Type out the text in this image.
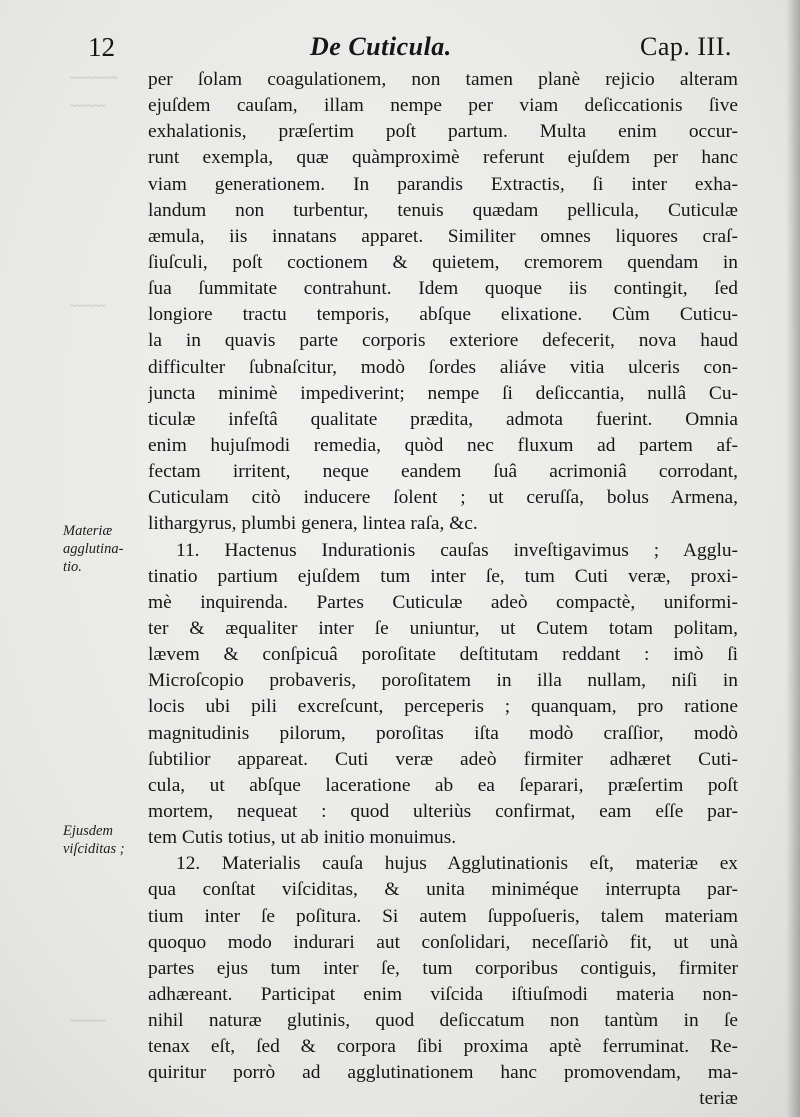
~~~~~~~~
~~~~~~
~~~~~~
~~~~~~
12	De Cuticula.	Cap. III.
Materiæ
agglutina-
tio.
Ejusdem
viſciditas ;
per ſolam coagulationem, non tamen planè rejicio alteram
ejuſdem cauſam, illam nempe per viam deſiccationis ſive
exhalationis, præſertim poſt partum. Multa enim occur-
runt exempla, quæ quàmproximè referunt ejuſdem per hanc
viam generationem. In parandis Extractis, ſi inter exha-
landum non turbentur, tenuis quædam pellicula, Cuticulæ
æmula, iis innatans apparet. Similiter omnes liquores craſ-
ſiuſculi, poſt coctionem & quietem, cremorem quendam in
ſua ſummitate contrahunt. Idem quoque iis contingit, ſed
longiore tractu temporis, abſque elixatione. Cùm Cuticu-
la in quavis parte corporis exteriore defecerit, nova haud
difficulter ſubnaſcitur, modò ſordes aliáve vitia ulceris con-
juncta minimè impediverint; nempe ſi deſiccantia, nullâ Cu-
ticulæ infeſtâ qualitate prædita, admota fuerint. Omnia
enim hujuſmodi remedia, quòd nec fluxum ad partem af-
fectam irritent, neque eandem ſuâ acrimoniâ corrodant,
Cuticulam citò inducere ſolent ; ut ceruſſa, bolus Armena,
lithargyrus, plumbi genera, lintea raſa, &c.
11. Hactenus Indurationis cauſas inveſtigavimus ; Agglu-
tinatio partium ejuſdem tum inter ſe, tum Cuti veræ, proxi-
mè inquirenda. Partes Cuticulæ adeò compactè, uniformi-
ter & æqualiter inter ſe uniuntur, ut Cutem totam politam,
lævem & conſpicuâ poroſitate deſtitutam reddant : imò ſi
Microſcopio probaveris, poroſitatem in illa nullam, niſi in
locis ubi pili excreſcunt, perceperis ; quanquam, pro ratione
magnitudinis pilorum, poroſitas iſta modò craſſior, modò
ſubtilior appareat. Cuti veræ adeò firmiter adhæret Cuti-
cula, ut abſque laceratione ab ea ſeparari, præſertim poſt
mortem, nequeat : quod ulteriùs confirmat, eam eſſe par-
tem Cutis totius, ut ab initio monuimus.
12. Materialis cauſa hujus Agglutinationis eſt, materiæ ex
qua conſtat viſciditas, & unita miniméque interrupta par-
tium inter ſe poſitura. Si autem ſuppoſueris, talem materiam
quoquo modo indurari aut conſolidari, neceſſariò fit, ut unà
partes ejus tum inter ſe, tum corporibus contiguis, firmiter
adhæreant. Participat enim viſcida iſtiuſmodi materia non-
nihil naturæ glutinis, quod deſiccatum non tantùm in ſe
tenax eſt, ſed & corpora ſibi proxima aptè ferruminat. Re-
quiritur porrò ad agglutinationem hanc promovendam, ma-
teriæ
